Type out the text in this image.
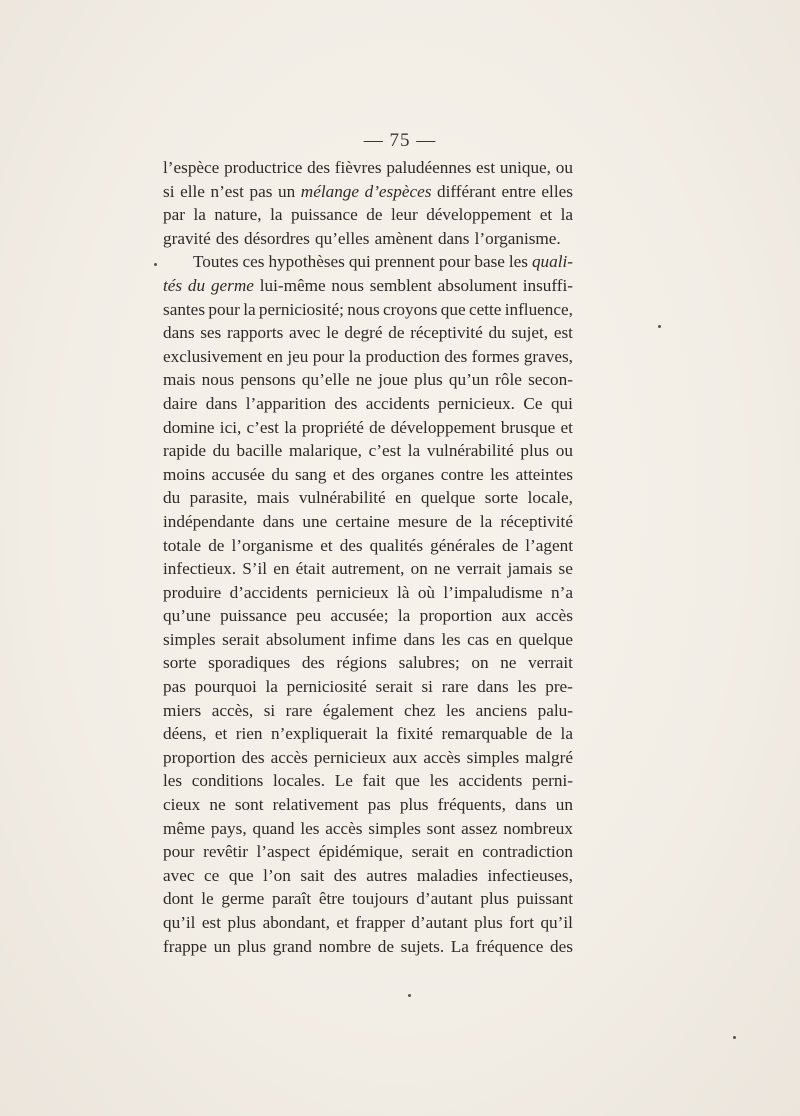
— 75 —
l’espèce productrice des fièvres paludéennes est unique, ou
si elle n’est pas un mélange d’espèces différant entre elles
par la nature, la puissance de leur développement et la
gravité des désordres qu’elles amènent dans l’organisme.
Toutes ces hypothèses qui prennent pour base les quali-
tés du germe lui-même nous semblent absolument insuffi-
santes pour la perniciosité; nous croyons que cette influence,
dans ses rapports avec le degré de réceptivité du sujet, est
exclusivement en jeu pour la production des formes graves,
mais nous pensons qu’elle ne joue plus qu’un rôle secon-
daire dans l’apparition des accidents pernicieux. Ce qui
domine ici, c’est la propriété de développement brusque et
rapide du bacille malarique, c’est la vulnérabilité plus ou
moins accusée du sang et des organes contre les atteintes
du parasite, mais vulnérabilité en quelque sorte locale,
indépendante dans une certaine mesure de la réceptivité
totale de l’organisme et des qualités générales de l’agent
infectieux. S’il en était autrement, on ne verrait jamais se
produire d’accidents pernicieux là où l’impaludisme n’a
qu’une puissance peu accusée; la proportion aux accès
simples serait absolument infime dans les cas en quelque
sorte sporadiques des régions salubres; on ne verrait
pas pourquoi la perniciosité serait si rare dans les pre-
miers accès, si rare également chez les anciens palu-
déens, et rien n’expliquerait la fixité remarquable de la
proportion des accès pernicieux aux accès simples malgré
les conditions locales. Le fait que les accidents perni-
cieux ne sont relativement pas plus fréquents, dans un
même pays, quand les accès simples sont assez nombreux
pour revêtir l’aspect épidémique, serait en contradiction
avec ce que l’on sait des autres maladies infectieuses,
dont le germe paraît être toujours d’autant plus puissant
qu’il est plus abondant, et frapper d’autant plus fort qu’il
frappe un plus grand nombre de sujets. La fréquence des
